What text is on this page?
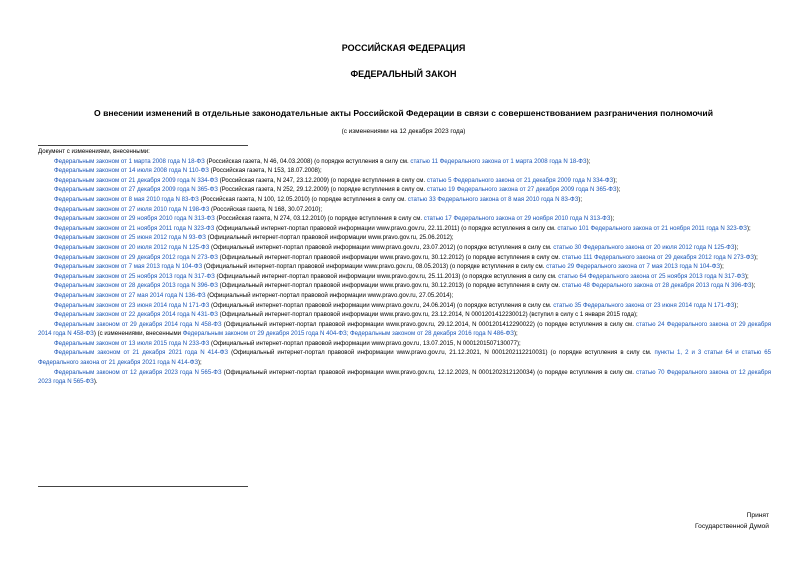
РОССИЙСКАЯ ФЕДЕРАЦИЯ
ФЕДЕРАЛЬНЫЙ ЗАКОН
О внесении изменений в отдельные законодательные акты Российской Федерации в связи с совершенствованием разграничения полномочий
(с изменениями на 12 декабря 2023 года)
Документ с изменениями, внесенными:

Федеральным законом от 1 марта 2008 года N 18-ФЗ (Российская газета, N 46, 04.03.2008) (о порядке вступления в силу см. статью 11 Федерального закона от 1 марта 2008 года N 18-ФЗ);

Федеральным законом от 14 июля 2008 года N 110-ФЗ (Российская газета, N 153, 18.07.2008);

Федеральным законом от 21 декабря 2009 года N 334-ФЗ (Российская газета, N 247, 23.12.2009) (о порядке вступления в силу см. статью 5 Федерального закона от 21 декабря 2009 года N 334-ФЗ);

Федеральным законом от 27 декабря 2009 года N 365-ФЗ (Российская газета, N 252, 29.12.2009) (о порядке вступления в силу см. статью 19 Федерального закона от 27 декабря 2009 года N 365-ФЗ);

Федеральным законом от 8 мая 2010 года N 83-ФЗ (Российская газета, N 100, 12.05.2010) (о порядке вступления в силу см. статью 33 Федерального закона от 8 мая 2010 года N 83-ФЗ);

Федеральным законом от 27 июля 2010 года N 198-ФЗ (Российская газета, N 168, 30.07.2010);

Федеральным законом от 29 ноября 2010 года N 313-ФЗ (Российская газета, N 274, 03.12.2010) (о порядке вступления в силу см. статью 17 Федерального закона от 29 ноября 2010 года N 313-ФЗ);

Федеральным законом от 21 ноября 2011 года N 323-ФЗ (Официальный интернет-портал правовой информации www.pravo.gov.ru, 22.11.2011) (о порядке вступления в силу см. статью 101 Федерального закона от 21 ноября 2011 года N 323-ФЗ);

Федеральным законом от 25 июня 2012 года N 93-ФЗ (Официальный интернет-портал правовой информации www.pravo.gov.ru, 25.06.2012);

Федеральным законом от 20 июля 2012 года N 125-ФЗ (Официальный интернет-портал правовой информации www.pravo.gov.ru, 23.07.2012) (о порядке вступления в силу см. статью 30 Федерального закона от 20 июля 2012 года N 125-ФЗ);

Федеральным законом от 29 декабря 2012 года N 273-ФЗ (Официальный интернет-портал правовой информации www.pravo.gov.ru, 30.12.2012) (о порядке вступления в силу см. статью 111 Федерального закона от 29 декабря 2012 года N 273-ФЗ);

Федеральным законом от 7 мая 2013 года N 104-ФЗ (Официальный интернет-портал правовой информации www.pravo.gov.ru, 08.05.2013) (о порядке вступления в силу см. статью 29 Федерального закона от 7 мая 2013 года N 104-ФЗ);

Федеральным законом от 25 ноября 2013 года N 317-ФЗ (Официальный интернет-портал правовой информации www.pravo.gov.ru, 25.11.2013) (о порядке вступления в силу см. статью 64 Федерального закона от 25 ноября 2013 года N 317-ФЗ);

Федеральным законом от 28 декабря 2013 года N 396-ФЗ (Официальный интернет-портал правовой информации www.pravo.gov.ru, 30.12.2013) (о порядке вступления в силу см. статью 48 Федерального закона от 28 декабря 2013 года N 396-ФЗ);

Федеральным законом от 27 мая 2014 года N 136-ФЗ (Официальный интернет-портал правовой информации www.pravo.gov.ru, 27.05.2014);

Федеральным законом от 23 июня 2014 года N 171-ФЗ (Официальный интернет-портал правовой информации www.pravo.gov.ru, 24.06.2014) (о порядке вступления в силу см. статью 35 Федерального закона от 23 июня 2014 года N 171-ФЗ);

Федеральным законом от 22 декабря 2014 года N 431-ФЗ (Официальный интернет-портал правовой информации www.pravo.gov.ru, 23.12.2014, N 0001201412230012) (вступил в силу с 1 января 2015 года);

Федеральным законом от 29 декабря 2014 года N 458-ФЗ (Официальный интернет-портал правовой информации www.pravo.gov.ru, 29.12.2014, N 0001201412290022) (о порядке вступления в силу см. статью 24 Федерального закона от 29 декабря 2014 года N 458-ФЗ) (с изменениями, внесенными Федеральным законом от 29 декабря 2015 года N 404-ФЗ; Федеральным законом от 28 декабря 2016 года N 486-ФЗ);

Федеральным законом от 13 июля 2015 года N 233-ФЗ (Официальный интернет-портал правовой информации www.pravo.gov.ru, 13.07.2015, N 0001201507130077);

Федеральным законом от 21 декабря 2021 года N 414-ФЗ (Официальный интернет-портал правовой информации www.pravo.gov.ru, 21.12.2021, N 0001202112210031) (о порядке вступления в силу см. пункты 1, 2 и 3 статьи 64 и статью 65 Федерального закона от 21 декабря 2021 года N 414-ФЗ);

Федеральным законом от 12 декабря 2023 года N 565-ФЗ (Официальный интернет-портал правовой информации www.pravo.gov.ru, 12.12.2023, N 0001202312120034) (о порядке вступления в силу см. статью 70 Федерального закона от 12 декабря 2023 года N 565-ФЗ).

Принят
Государственной Думой
